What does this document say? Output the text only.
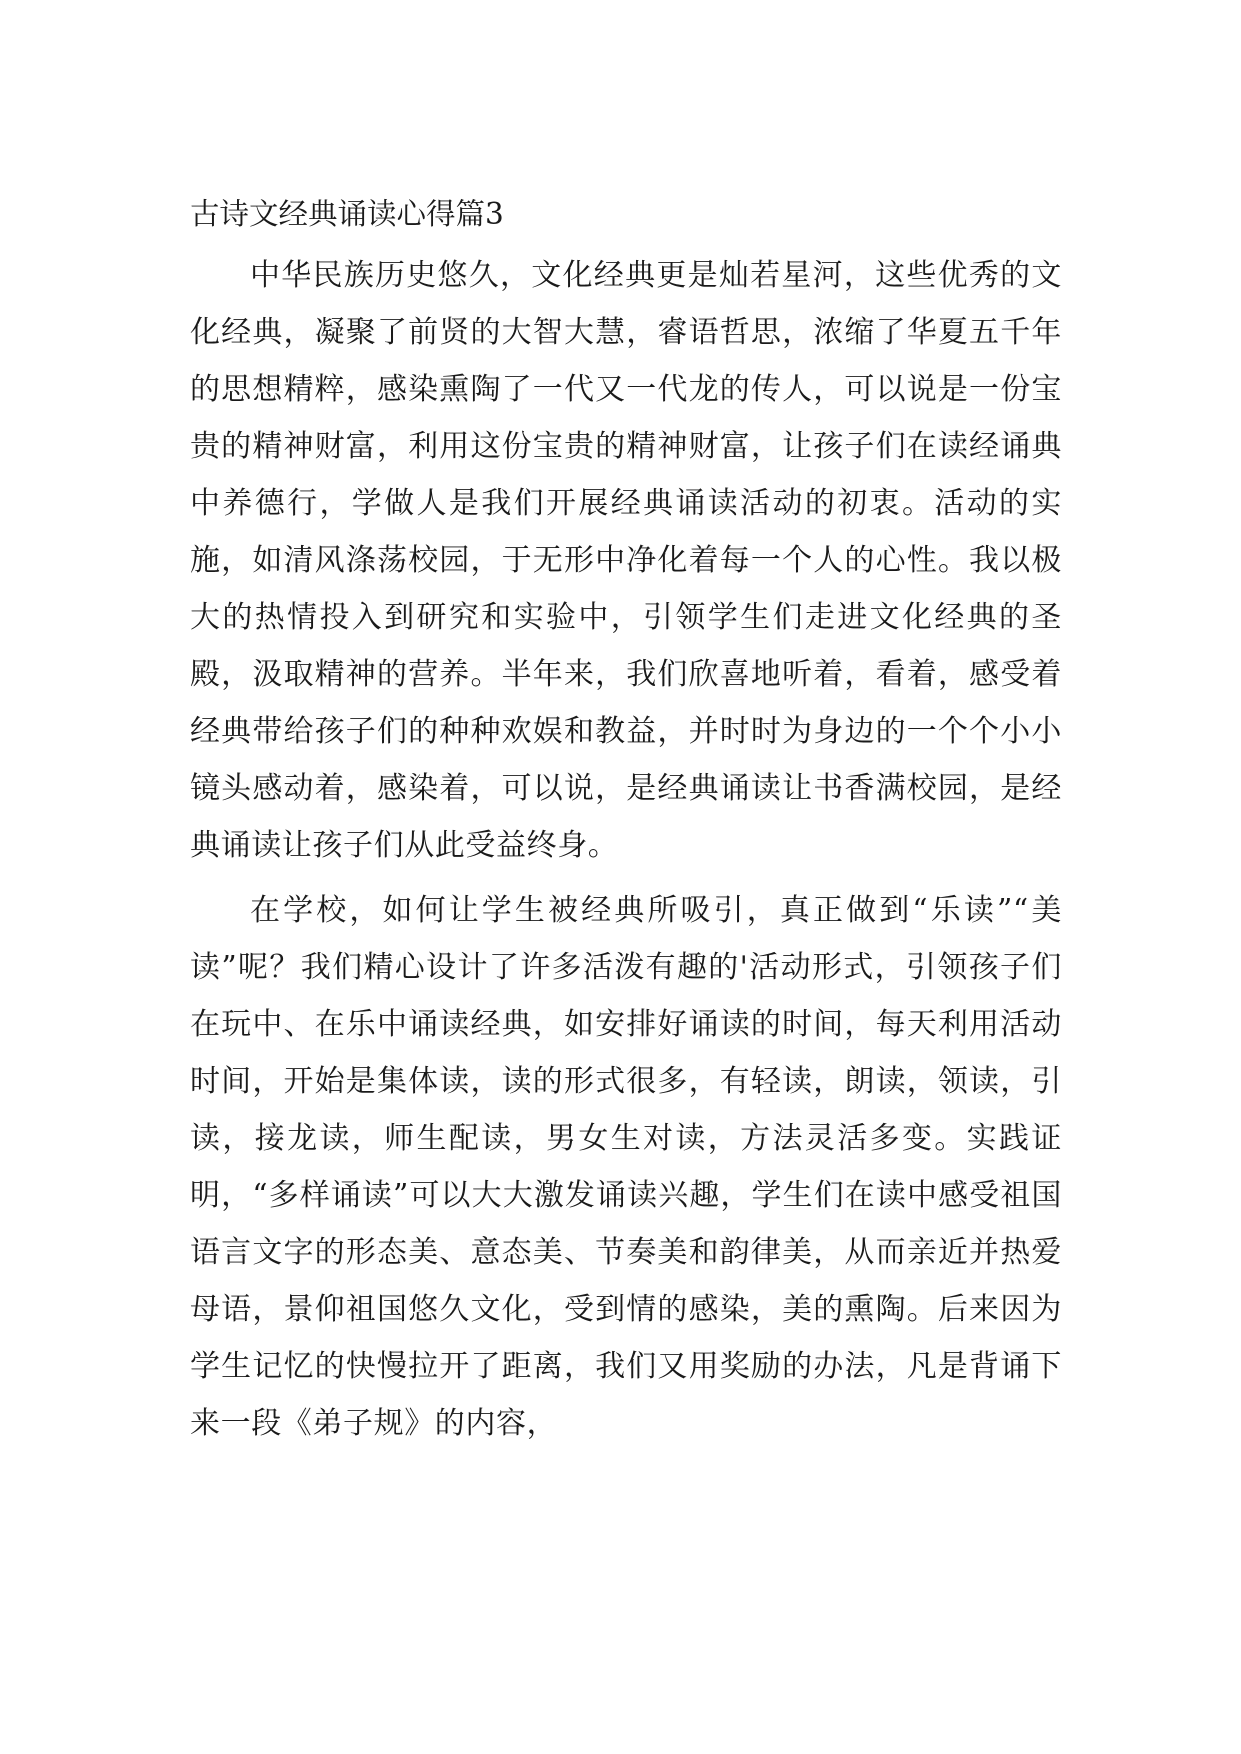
古诗文经典诵读心得篇3

中华民族历史悠久，文化经典更是灿若星河，这些优秀的文化经典，凝聚了前贤的大智大慧，睿语哲思，浓缩了华夏五千年的思想精粹，感染熏陶了一代又一代龙的传人，可以说是一份宝贵的精神财富，利用这份宝贵的精神财富，让孩子们在读经诵典中养德行，学做人是我们开展经典诵读活动的初衷。活动的实施，如清风涤荡校园，于无形中净化着每一个人的心性。我以极大的热情投入到研究和实验中，引领学生们走进文化经典的圣殿，汲取精神的营养。半年来，我们欣喜地听着，看着，感受着经典带给孩子们的种种欢娱和教益，并时时为身边的一个个小小镜头感动着，感染着，可以说，是经典诵读让书香满校园，是经典诵读让孩子们从此受益终身。

在学校，如何让学生被经典所吸引，真正做到“乐读”“美读”呢？我们精心设计了许多活泼有趣的'活动形式，引领孩子们在玩中、在乐中诵读经典，如安排好诵读的时间，每天利用活动时间，开始是集体读，读的形式很多，有轻读，朗读，领读，引读，接龙读，师生配读，男女生对读，方法灵活多变。实践证明，“多样诵读”可以大大激发诵读兴趣，学生们在读中感受祖国语言文字的形态美、意态美、节奏美和韵律美，从而亲近并热爱母语，景仰祖国悠久文化，受到情的感染，美的熏陶。后来因为学生记忆的快慢拉开了距离，我们又用奖励的办法，凡是背诵下来一段《弟子规》的内容，
